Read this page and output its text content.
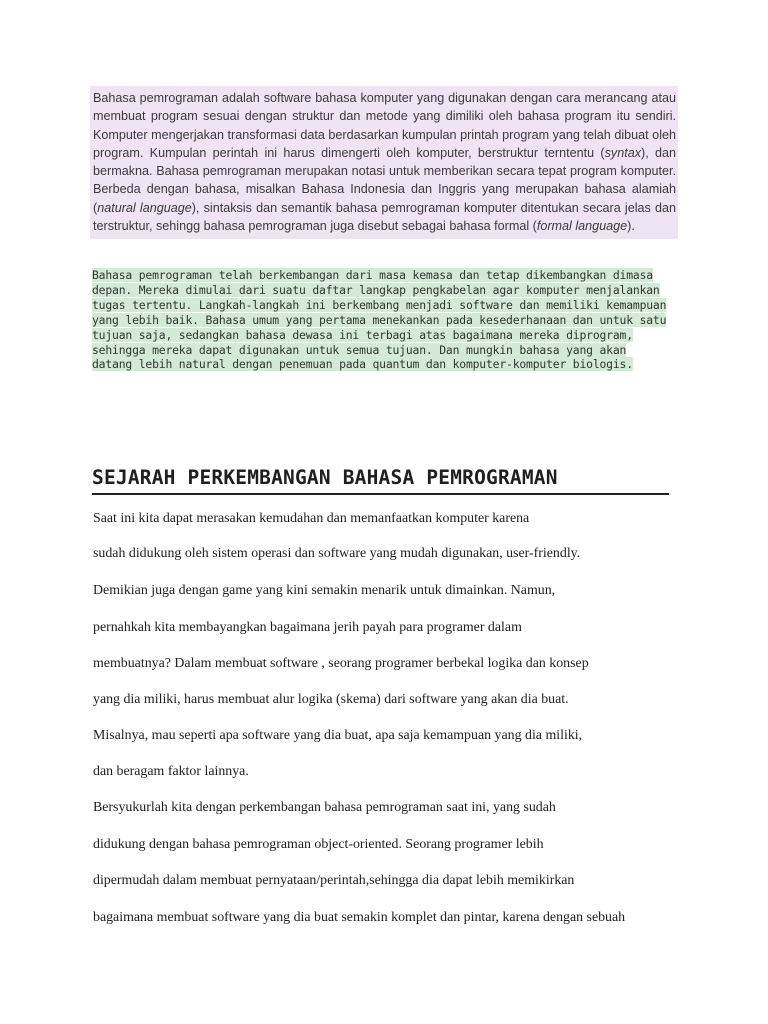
Bahasa pemrograman adalah software bahasa komputer yang digunakan dengan cara merancang atau membuat program sesuai dengan struktur dan metode yang dimiliki oleh bahasa program itu sendiri. Komputer mengerjakan transformasi data berdasarkan kumpulan printah program yang telah dibuat oleh program. Kumpulan perintah ini harus dimengerti oleh komputer, berstruktur terntentu (syntax), dan bermakna. Bahasa pemrograman merupakan notasi untuk memberikan secara tepat program komputer. Berbeda dengan bahasa, misalkan Bahasa Indonesia dan Inggris yang merupakan bahasa alamiah (natural language), sintaksis dan semantik bahasa pemrograman komputer ditentukan secara jelas dan terstruktur, sehingg bahasa pemrograman juga disebut sebagai bahasa formal (formal language).
Bahasa pemrograman telah berkembangan dari masa kemasa dan tetap dikembangkan dimasa depan. Mereka dimulai dari suatu daftar langkap pengkabelan agar komputer menjalankan tugas tertentu. Langkah-langkah ini berkembang menjadi software dan memiliki kemampuan yang lebih baik. Bahasa umum yang pertama menekankan pada kesederhanaan dan untuk satu tujuan saja, sedangkan bahasa dewasa ini terbagi atas bagaimana mereka diprogram, sehingga mereka dapat digunakan untuk semua tujuan. Dan mungkin bahasa yang akan datang lebih natural dengan penemuan pada quantum dan komputer-komputer biologis.
SEJARAH PERKEMBANGAN BAHASA PEMROGRAMAN

Saat ini kita dapat merasakan kemudahan dan memanfaatkan komputer karena

sudah didukung oleh sistem operasi dan software yang mudah digunakan, user-friendly.

Demikian juga dengan game yang kini semakin menarik untuk dimainkan. Namun,

pernahkah kita membayangkan bagaimana jerih payah para programer dalam

membuatnya? Dalam membuat software , seorang programer berbekal logika dan konsep

yang dia miliki, harus membuat alur logika (skema) dari software yang akan dia buat.

Misalnya, mau seperti apa software yang dia buat, apa saja kemampuan yang dia miliki,

dan beragam faktor lainnya.

Bersyukurlah kita dengan perkembangan bahasa pemrograman saat ini, yang sudah

didukung dengan bahasa pemrograman object-oriented. Seorang programer lebih

dipermudah dalam membuat pernyataan/perintah,sehingga dia dapat lebih memikirkan

bagaimana membuat software yang dia buat semakin komplet dan pintar, karena dengan sebuah
